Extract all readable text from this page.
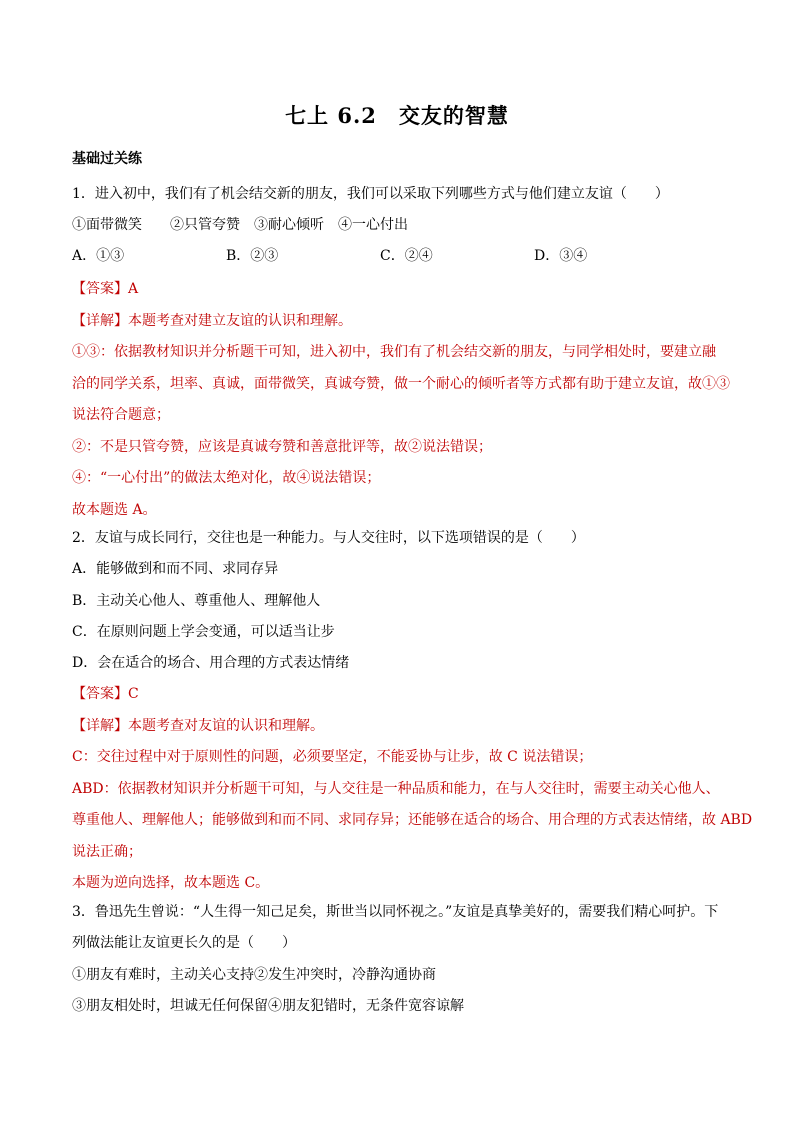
七上 6.2　交友的智慧
基础过关练
1．进入初中，我们有了机会结交新的朋友，我们可以采取下列哪些方式与他们建立友谊（　　）
①面带微笑　　②只管夸赞　③耐心倾听　④一心付出
A．①③	B．②③	C．②④	D．③④
【答案】A
【详解】本题考查对建立友谊的认识和理解。
①③：依据教材知识并分析题干可知，进入初中，我们有了机会结交新的朋友，与同学相处时，要建立融
洽的同学关系，坦率、真诚，面带微笑，真诚夸赞，做一个耐心的倾听者等方式都有助于建立友谊，故①③
说法符合题意；
②：不是只管夸赞，应该是真诚夸赞和善意批评等，故②说法错误；
④：“一心付出”的做法太绝对化，故④说法错误；
故本题选 A。
2．友谊与成长同行，交往也是一种能力。与人交往时，以下选项错误的是（　　）
A．能够做到和而不同、求同存异
B．主动关心他人、尊重他人、理解他人
C．在原则问题上学会变通，可以适当让步
D．会在适合的场合、用合理的方式表达情绪
【答案】C
【详解】本题考查对友谊的认识和理解。
C：交往过程中对于原则性的问题，必须要坚定，不能妥协与让步，故 C 说法错误；
ABD：依据教材知识并分析题干可知，与人交往是一种品质和能力，在与人交往时，需要主动关心他人、
尊重他人、理解他人；能够做到和而不同、求同存异；还能够在适合的场合、用合理的方式表达情绪，故 ABD
说法正确；
本题为逆向选择，故本题选 C。
3．鲁迅先生曾说：“人生得一知己足矣，斯世当以同怀视之。”友谊是真挚美好的，需要我们精心呵护。下
列做法能让友谊更长久的是（　　）
①朋友有难时，主动关心支持②发生冲突时，冷静沟通协商
③朋友相处时，坦诚无任何保留④朋友犯错时，无条件宽容谅解
